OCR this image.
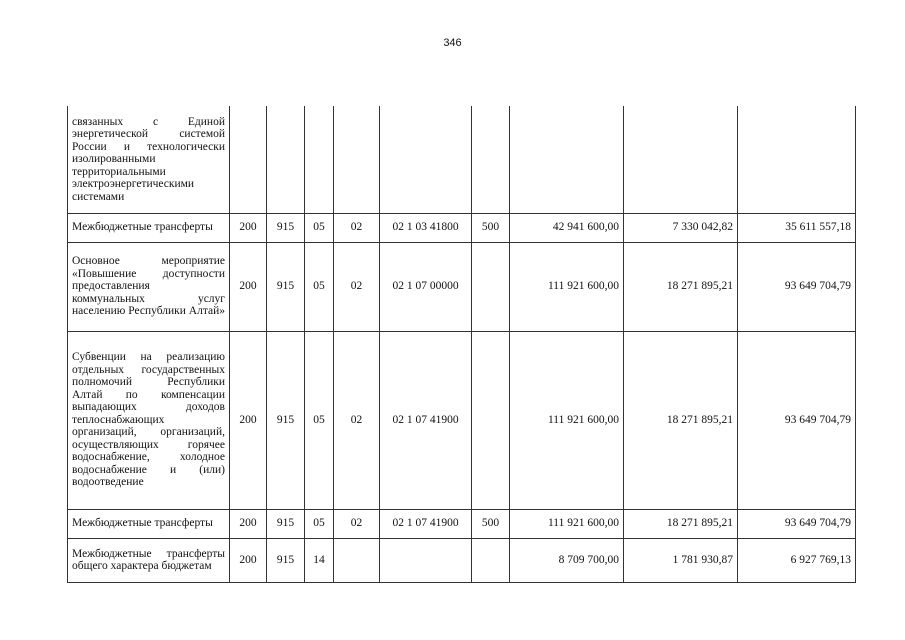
346
связанных с Единой энергетической системой России и технологически изолированными территориальными электроэнергетическими системами									
Межбюджетные трансферты	200	915	05	02	02 1 03 41800	500	42 941 600,00	7 330 042,82	35 611 557,18
Основное мероприятие «Повышение доступности предоставления коммунальных услуг населению Республики Алтай»	200	915	05	02	02 1 07 00000		111 921 600,00	18 271 895,21	93 649 704,79
Субвенции на реализацию отдельных государственных полномочий Республики Алтай по компенсации выпадающих доходов теплоснабжающих организаций, организаций, осуществляющих горячее водоснабжение, холодное водоснабжение и (или) водоотведение	200	915	05	02	02 1 07 41900		111 921 600,00	18 271 895,21	93 649 704,79
Межбюджетные трансферты	200	915	05	02	02 1 07 41900	500	111 921 600,00	18 271 895,21	93 649 704,79
Межбюджетные трансферты общего характера бюджетам	200	915	14				8 709 700,00	1 781 930,87	6 927 769,13
